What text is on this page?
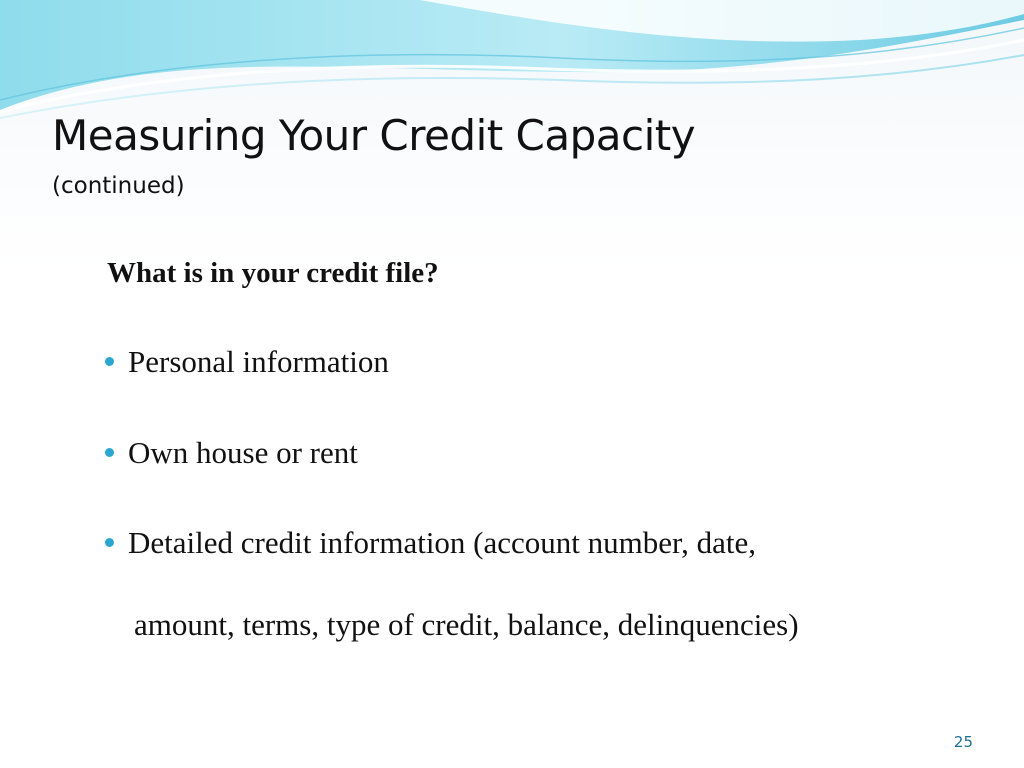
Measuring Your Credit Capacity
(continued)
What is in your credit file?
Personal information
Own house or rent
Detailed credit information (account number, date,
amount, terms, type of credit, balance, delinquencies)
25
